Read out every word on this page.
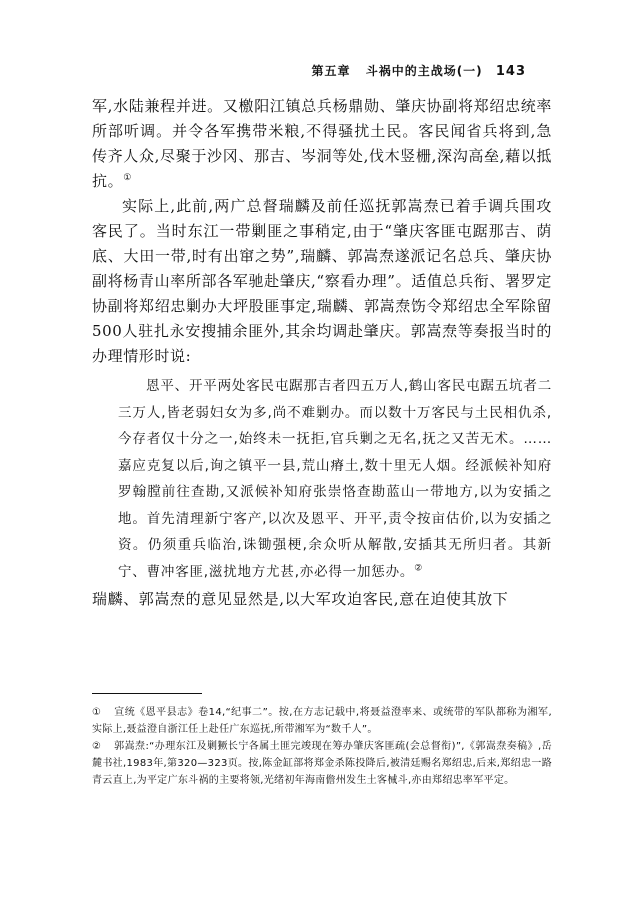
第五章 斗祸中的主战场(一) 143

军,水陆兼程并进。又檄阳江镇总兵杨鼎勋、肇庆协副将郑绍忠统率所部听调。并令各军携带米粮,不得骚扰土民。客民闻省兵将到,急传齐人众,尽聚于沙冈、那吉、岑洞等处,伐木竖栅,深沟高垒,藉以抵抗。①

实际上,此前,两广总督瑞麟及前任巡抚郭嵩焘已着手调兵围攻客民了。当时东江一带剿匪之事稍定,由于“肇庆客匪屯踞那吉、荫底、大田一带,时有出窜之势”,瑞麟、郭嵩焘遂派记名总兵、肇庆协副将杨青山率所部各军驰赴肇庆,“察看办理”。适值总兵衔、署罗定协副将郑绍忠剿办大坪股匪事定,瑞麟、郭嵩焘饬令郑绍忠全军除留500人驻扎永安搜捕余匪外,其余均调赴肇庆。郭嵩焘等奏报当时的办理情形时说:

恩平、开平两处客民屯踞那吉者四五万人,鹤山客民屯踞五坑者二三万人,皆老弱妇女为多,尚不难剿办。而以数十万客民与土民相仇杀,今存者仅十分之一,始终未一抚拒,官兵剿之无名,抚之又苦无术。……嘉应克复以后,询之镇平一县,荒山瘠土,数十里无人烟。经派候补知府罗翰膛前往查勘,又派候补知府张崇恪查勘蓝山一带地方,以为安插之地。首先清理新宁客产,以次及恩平、开平,责令按亩估价,以为安插之资。仍须重兵临治,诛锄强梗,余众听从解散,安插其无所归者。其新宁、曹冲客匪,滋扰地方尤甚,亦必得一加惩办。②

瑞麟、郭嵩焘的意见显然是,以大军攻迫客民,意在迫使其放下

① 宣统《恩平县志》卷14,“纪事二”。按,在方志记载中,将聂益澄率来、或统带的军队都称为湘军,实际上,聂益澄自浙江任上赴任广东巡抚,所带湘军为“数千人”。

② 郭嵩焘:“办理东江及剿獗长宁各属土匪完竣现在筹办肇庆客匪疏(会总督衔)”,《郭嵩焘奏稿》,岳麓书社,1983年,第320—323页。按,陈金缸部将郑金杀陈投降后,被清廷赐名郑绍忠,后来,郑绍忠一路青云直上,为平定广东斗祸的主要将领,光绪初年海南儋州发生土客械斗,亦由郑绍忠率军平定。
